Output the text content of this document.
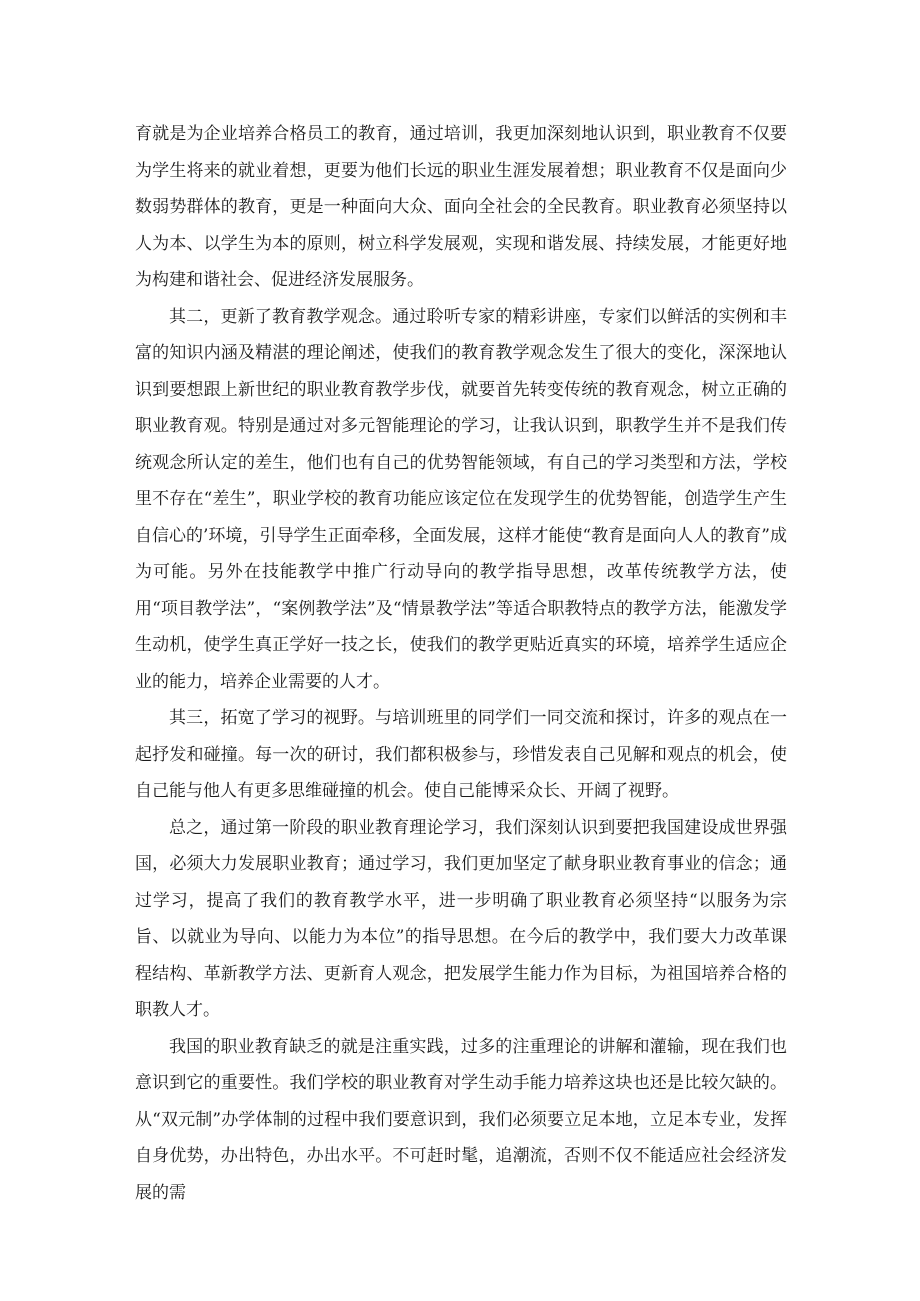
育就是为企业培养合格员工的教育，通过培训，我更加深刻地认识到，职业教育不仅要为学生将来的就业着想，更要为他们长远的职业生涯发展着想；职业教育不仅是面向少数弱势群体的教育，更是一种面向大众、面向全社会的全民教育。职业教育必须坚持以人为本、以学生为本的原则，树立科学发展观，实现和谐发展、持续发展，才能更好地为构建和谐社会、促进经济发展服务。

其二，更新了教育教学观念。通过聆听专家的精彩讲座，专家们以鲜活的实例和丰富的知识内涵及精湛的理论阐述，使我们的教育教学观念发生了很大的变化，深深地认识到要想跟上新世纪的职业教育教学步伐，就要首先转变传统的教育观念，树立正确的职业教育观。特别是通过对多元智能理论的学习，让我认识到，职教学生并不是我们传统观念所认定的差生，他们也有自己的优势智能领域，有自己的学习类型和方法，学校里不存在“差生”，职业学校的教育功能应该定位在发现学生的优势智能，创造学生产生自信心的’环境，引导学生正面牵移，全面发展，这样才能使“教育是面向人人的教育”成为可能。另外在技能教学中推广行动导向的教学指导思想，改革传统教学方法，使用“项目教学法”，“案例教学法”及“情景教学法”等适合职教特点的教学方法，能激发学生动机，使学生真正学好一技之长，使我们的教学更贴近真实的环境，培养学生适应企业的能力，培养企业需要的人才。

其三，拓宽了学习的视野。与培训班里的同学们一同交流和探讨，许多的观点在一起抒发和碰撞。每一次的研讨，我们都积极参与，珍惜发表自己见解和观点的机会，使自己能与他人有更多思维碰撞的机会。使自己能博采众长、开阔了视野。

总之，通过第一阶段的职业教育理论学习，我们深刻认识到要把我国建设成世界强国，必须大力发展职业教育；通过学习，我们更加坚定了献身职业教育事业的信念；通过学习，提高了我们的教育教学水平，进一步明确了职业教育必须坚持“以服务为宗旨、以就业为导向、以能力为本位”的指导思想。在今后的教学中，我们要大力改革课程结构、革新教学方法、更新育人观念，把发展学生能力作为目标，为祖国培养合格的职教人才。

我国的职业教育缺乏的就是注重实践，过多的注重理论的讲解和灌输，现在我们也意识到它的重要性。我们学校的职业教育对学生动手能力培养这块也还是比较欠缺的。从“双元制”办学体制的过程中我们要意识到，我们必须要立足本地，立足本专业，发挥自身优势，办出特色，办出水平。不可赶时髦，追潮流，否则不仅不能适应社会经济发展的需
